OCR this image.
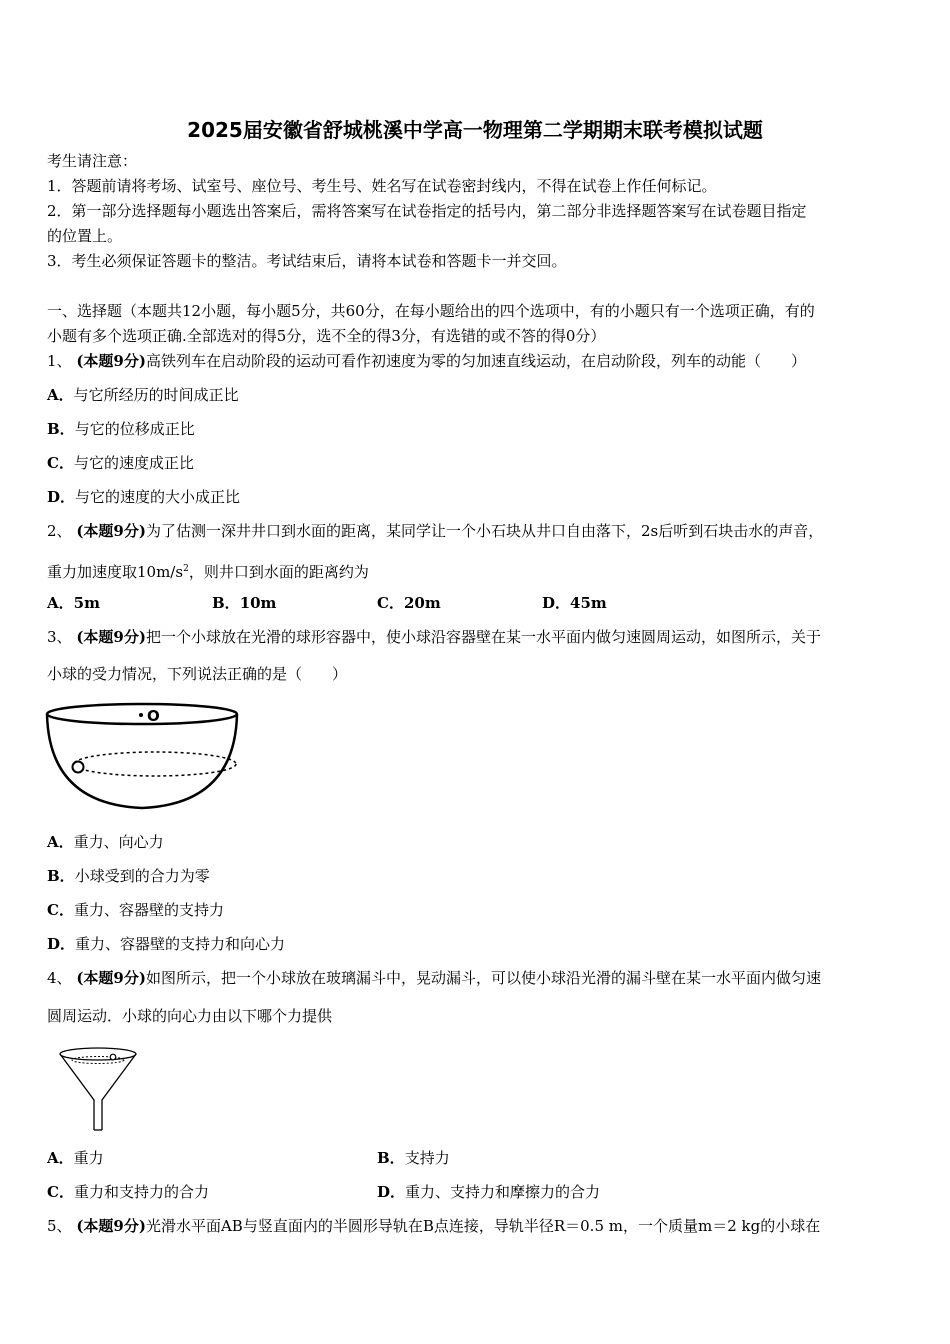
2025届安徽省舒城桃溪中学高一物理第二学期期末联考模拟试题
考生请注意：
1．答题前请将考场、试室号、座位号、考生号、姓名写在试卷密封线内，不得在试卷上作任何标记。
2．第一部分选择题每小题选出答案后，需将答案写在试卷指定的括号内，第二部分非选择题答案写在试卷题目指定
的位置上。
3．考生必须保证答题卡的整洁。考试结束后，请将本试卷和答题卡一并交回。
一、选择题（本题共12小题，每小题5分，共60分，在每小题给出的四个选项中，有的小题只有一个选项正确，有的
小题有多个选项正确.全部选对的得5分，选不全的得3分，有选错的或不答的得0分）
1、 (本题9分)高铁列车在启动阶段的运动可看作初速度为零的匀加速直线运动，在启动阶段，列车的动能（　　）
A．与它所经历的时间成正比
B．与它的位移成正比
C．与它的速度成正比
D．与它的速度的大小成正比
2、 (本题9分)为了估测一深井井口到水面的距离，某同学让一个小石块从井口自由落下，2s后听到石块击水的声音，
重力加速度取$10m/s^2$，则井口到水面的距离约为
A．5m	B．10m	C．20m	D．45m
3、 (本题9分)把一个小球放在光滑的球形容器中，使小球沿容器壁在某一水平面内做匀速圆周运动，如图所示，关于
小球的受力情况，下列说法正确的是（　　）
O
A．重力、向心力
B．小球受到的合力为零
C．重力、容器壁的支持力
D．重力、容器壁的支持力和向心力
4、 (本题9分)如图所示，把一个小球放在玻璃漏斗中，晃动漏斗，可以使小球沿光滑的漏斗壁在某一水平面内做匀速
圆周运动．小球的向心力由以下哪个力提供
A．重力	B．支持力
C．重力和支持力的合力	D．重力、支持力和摩擦力的合力
5、 (本题9分)光滑水平面AB与竖直面内的半圆形导轨在B点连接，导轨半径R＝0.5 m，一个质量m＝2 kg的小球在
